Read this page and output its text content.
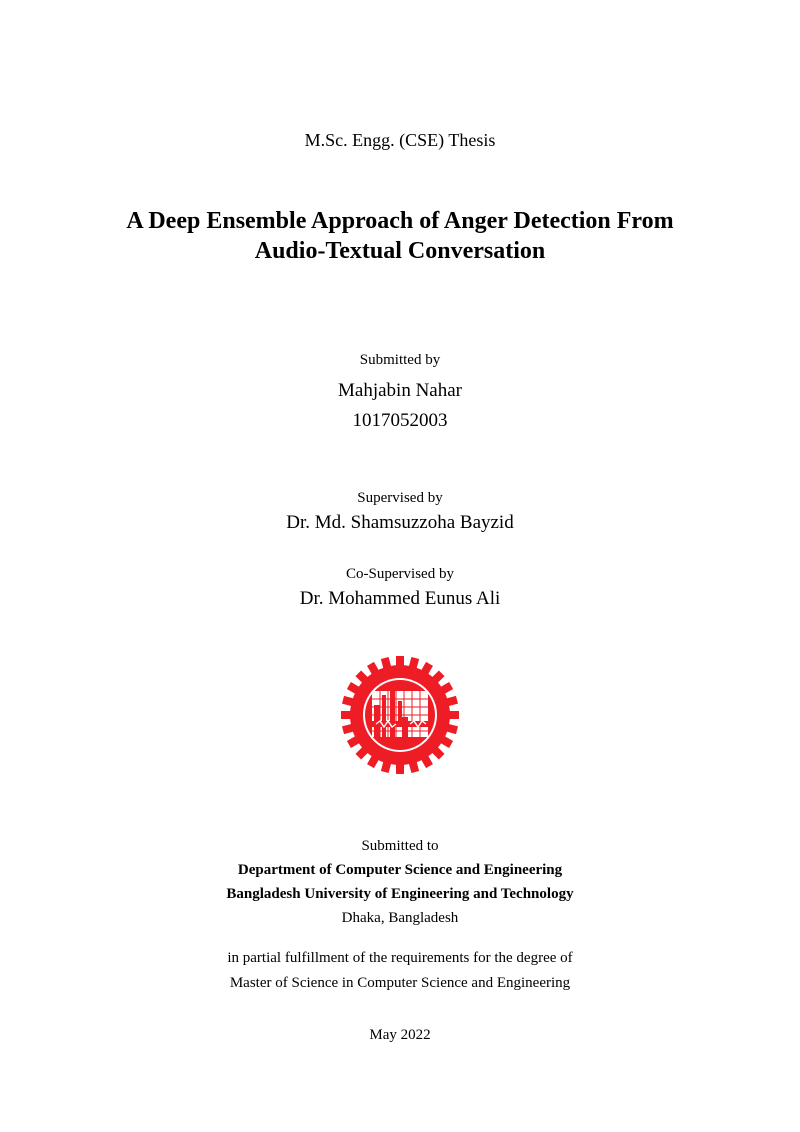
M.Sc. Engg. (CSE) Thesis
A Deep Ensemble Approach of Anger Detection From
Audio-Textual Conversation
Submitted by
Mahjabin Nahar
1017052003
Supervised by
Dr. Md. Shamsuzzoha Bayzid
Co-Supervised by
Dr. Mohammed Eunus Ali
Submitted to
Department of Computer Science and Engineering
Bangladesh University of Engineering and Technology
Dhaka, Bangladesh
in partial fulfillment of the requirements for the degree of
Master of Science in Computer Science and Engineering
May 2022
